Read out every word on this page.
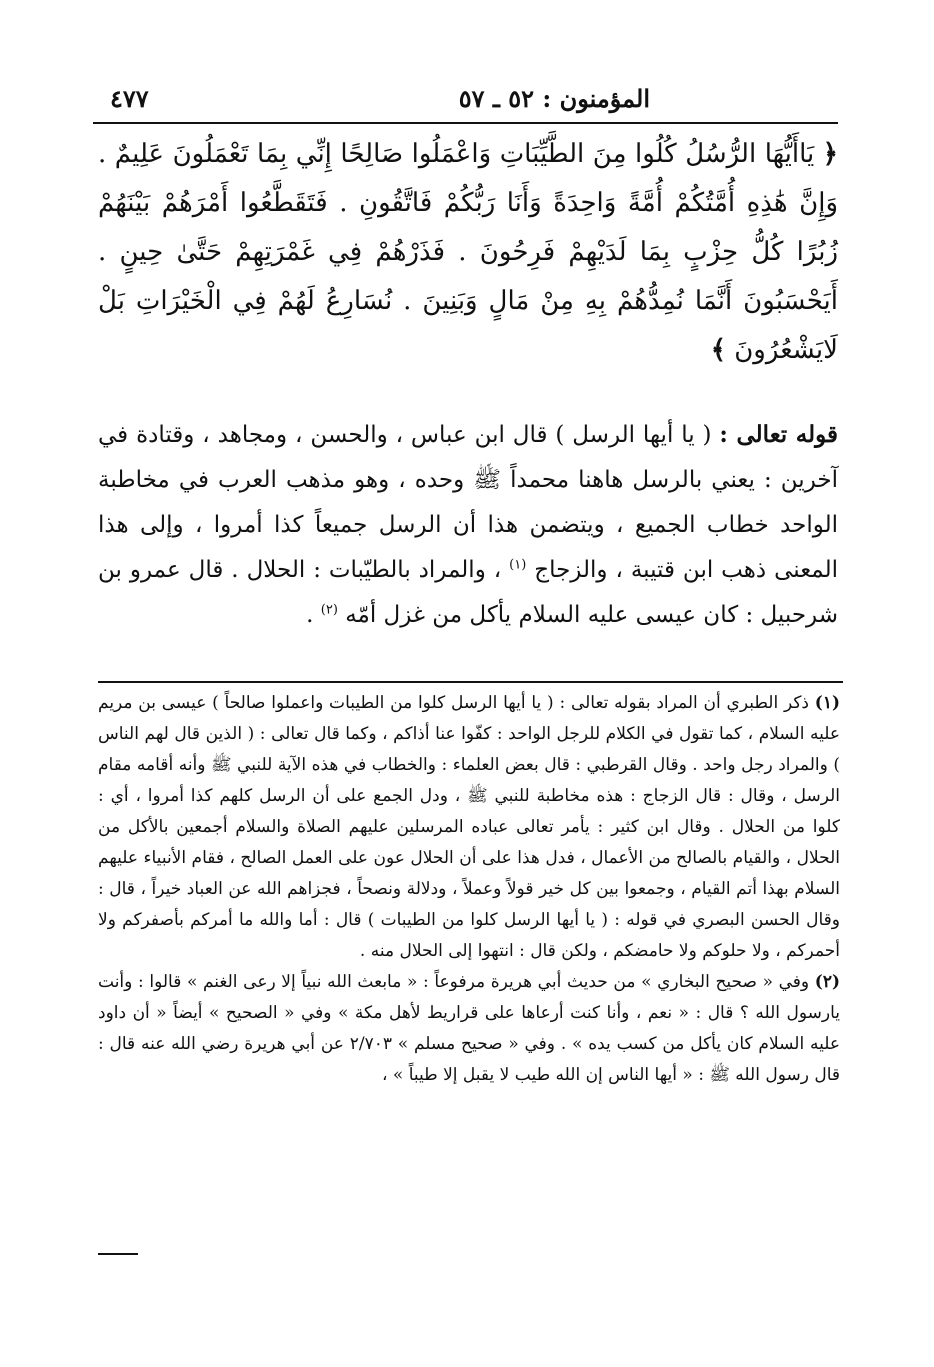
المؤمنون : ٥٢ ـ ٥٧
٤٧٧
﴿ يَاأَيُّهَا الرُّسُلُ كُلُوا مِنَ الطَّيِّبَاتِ وَاعْمَلُوا صَالِحًا إِنِّي بِمَا تَعْمَلُونَ عَلِيمٌ . وَإِنَّ هَٰذِهِ أُمَّتُكُمْ أُمَّةً وَاحِدَةً وَأَنَا رَبُّكُمْ فَاتَّقُونِ . فَتَقَطَّعُوا أَمْرَهُمْ بَيْنَهُمْ زُبُرًا كُلُّ حِزْبٍ بِمَا لَدَيْهِمْ فَرِحُونَ . فَذَرْهُمْ فِي غَمْرَتِهِمْ حَتَّىٰ حِينٍ . أَيَحْسَبُونَ أَنَّمَا نُمِدُّهُمْ بِهِ مِنْ مَالٍ وَبَنِينَ . نُسَارِعُ لَهُمْ فِي الْخَيْرَاتِ بَلْ لَايَشْعُرُونَ ﴾
قوله تعالى : ( يا أيها الرسل ) قال ابن عباس ، والحسن ، ومجاهد ، وقتادة في آخرين : يعني بالرسل هاهنا محمداً ﷺ وحده ، وهو مذهب العرب في مخاطبة الواحد خطاب الجميع ، ويتضمن هذا أن الرسل جميعاً كذا أمروا ، وإلى هذا المعنى ذهب ابن قتيبة ، والزجاج $^{(١)}$ ، والمراد بالطيّبات : الحلال . قال عمرو بن شرحبيل : كان عيسى عليه السلام يأكل من غزل أمّه $^{(٢)}$ .

(١) ذكر الطبري أن المراد بقوله تعالى : ( يا أيها الرسل كلوا من الطيبات واعملوا صالحاً ) عيسى بن مريم عليه السلام ، كما تقول في الكلام للرجل الواحد : كفّوا عنا أذاكم ، وكما قال تعالى : ( الذين قال لهم الناس ) والمراد رجل واحد . وقال القرطبي : قال بعض العلماء : والخطاب في هذه الآية للنبي ﷺ وأنه أقامه مقام الرسل ، وقال : قال الزجاج : هذه مخاطبة للنبي ﷺ ، ودل الجمع على أن الرسل كلهم كذا أمروا ، أي : كلوا من الحلال . وقال ابن كثير : يأمر تعالى عباده المرسلين عليهم الصلاة والسلام أجمعين بالأكل من الحلال ، والقيام بالصالح من الأعمال ، فدل هذا على أن الحلال عون على العمل الصالح ، فقام الأنبياء عليهم السلام بهذا أتم القيام ، وجمعوا بين كل خير قولاً وعملاً ، ودلالة ونصحاً ، فجزاهم الله عن العباد خيراً ، قال : وقال الحسن البصري في قوله : ( يا أيها الرسل كلوا من الطيبات ) قال : أما والله ما أمركم بأصفركم ولا أحمركم ، ولا حلوكم ولا حامضكم ، ولكن قال : انتهوا إلى الحلال منه .

(٢) وفي « صحيح البخاري » من حديث أبي هريرة مرفوعاً : « مابعث الله نبياً إلا رعى الغنم » قالوا : وأنت يارسول الله ؟ قال : « نعم ، وأنا كنت أرعاها على قراريط لأهل مكة » وفي « الصحيح » أيضاً « أن داود عليه السلام كان يأكل من كسب يده » . وفي « صحيح مسلم » ٢/٧٠٣ عن أبي هريرة رضي الله عنه قال : قال رسول الله ﷺ : « أيها الناس إن الله طيب لا يقبل إلا طيباً » ،
